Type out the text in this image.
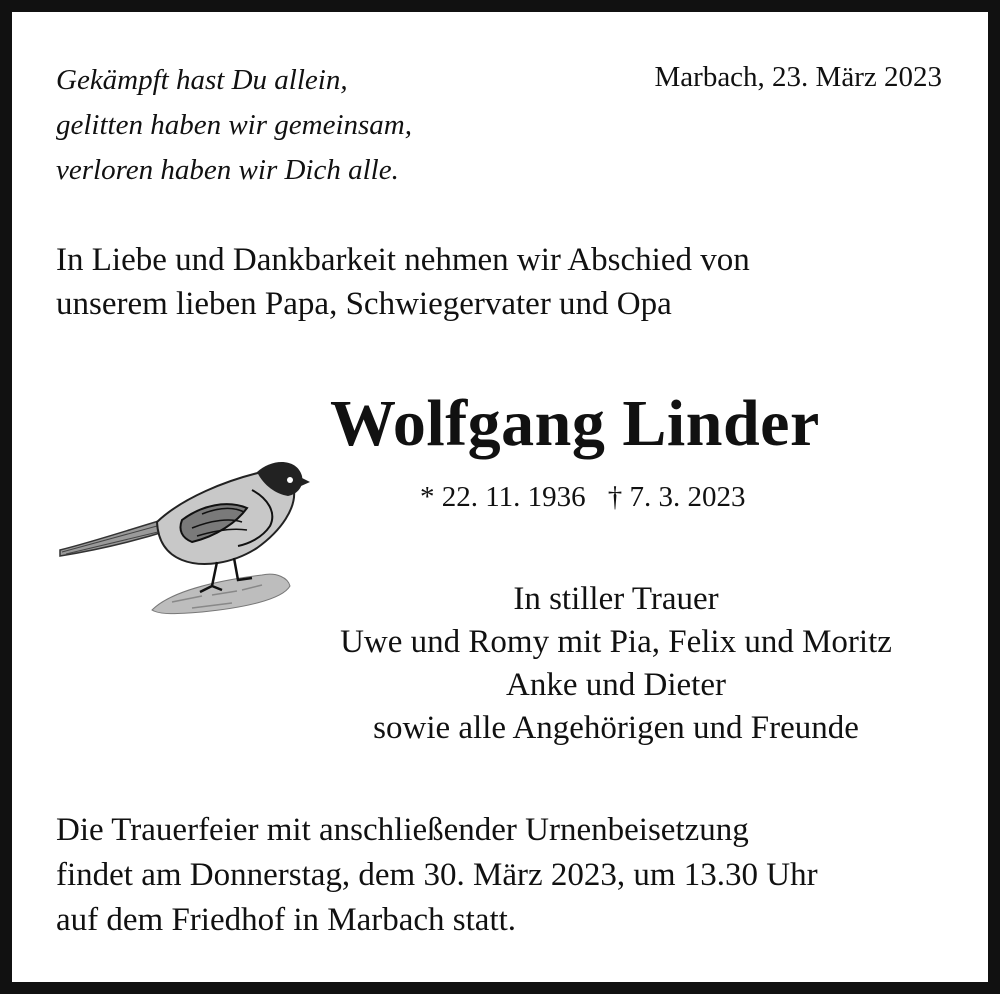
Gekämpft hast Du allein,
gelitten haben wir gemeinsam,
verloren haben wir Dich alle.
Marbach, 23. März 2023
In Liebe und Dankbarkeit nehmen wir Abschied von
unserem lieben Papa, Schwiegervater und Opa
Wolfgang Linder
* 22. 11. 1936 † 7. 3. 2023
In stiller Trauer
Uwe und Romy mit Pia, Felix und Moritz
Anke und Dieter
sowie alle Angehörigen und Freunde
Die Trauerfeier mit anschließender Urnenbeisetzung
findet am Donnerstag, dem 30. März 2023, um 13.30 Uhr
auf dem Friedhof in Marbach statt.
